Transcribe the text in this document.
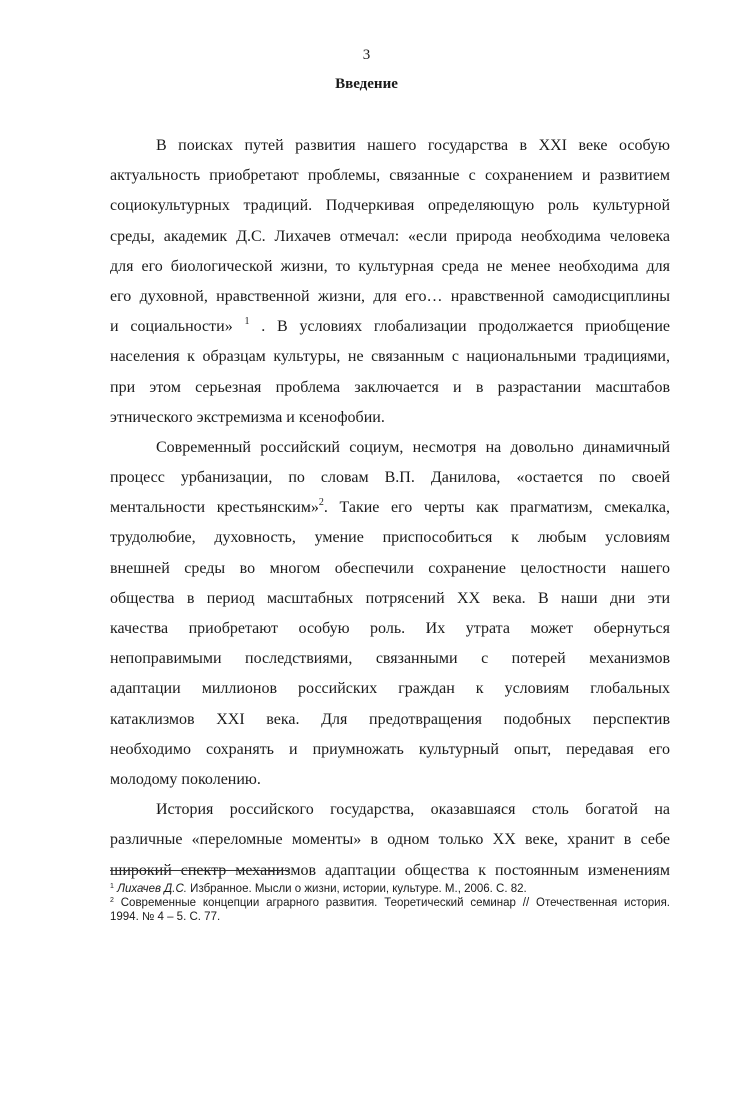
3
Введение
В поисках путей развития нашего государства в XXI веке особую
актуальность приобретают проблемы, связанные с сохранением и развитием
социокультурных традиций. Подчеркивая определяющую роль культурной
среды, академик Д.С. Лихачев отмечал: «если природа необходима человека
для его биологической жизни, то культурная среда не менее необходима для
его духовной, нравственной жизни, для его… нравственной самодисциплины
и социальности» $^1$ . В условиях глобализации продолжается приобщение
населения к образцам культуры, не связанным с национальными традициями,
при этом серьезная проблема заключается и в разрастании масштабов
этнического экстремизма и ксенофобии.
Современный российский социум, несмотря на довольно динамичный
процесс урбанизации, по словам В.П. Данилова, «остается по своей
ментальности крестьянским»$^2$. Такие его черты как прагматизм, смекалка,
трудолюбие, духовность, умение приспособиться к любым условиям
внешней среды во многом обеспечили сохранение целостности нашего
общества в период масштабных потрясений XX века. В наши дни эти
качества приобретают особую роль. Их утрата может обернуться
непоправимыми последствиями, связанными с потерей механизмов
адаптации миллионов российских граждан к условиям глобальных
катаклизмов XXI века. Для предотвращения подобных перспектив
необходимо сохранять и приумножать культурный опыт, передавая его
молодому поколению.
История российского государства, оказавшаяся столь богатой на
различные «переломные моменты» в одном только XX веке, хранит в себе
широкий спектр механизмов адаптации общества к постоянным изменениям
$^1$ Лихачев Д.С. Избранное. Мысли о жизни, истории, культуре. М., 2006. С. 82.
$^2$ Современные концепции аграрного развития. Теоретический семинар // Отечественная история.
1994. № 4 – 5. С. 77.
